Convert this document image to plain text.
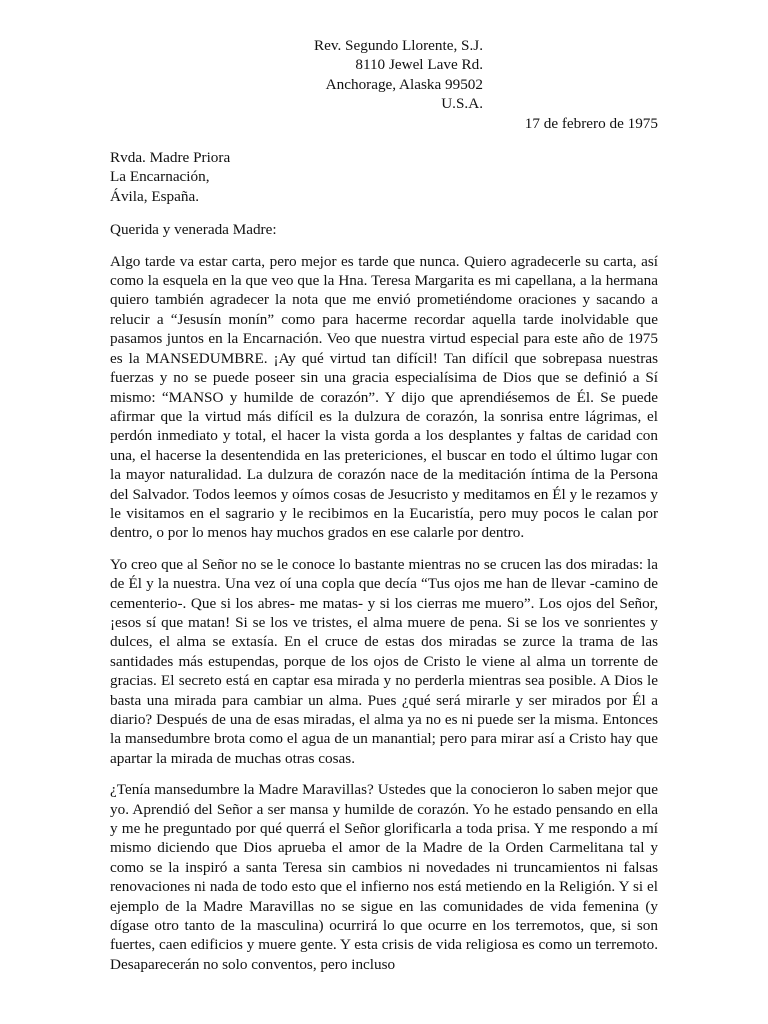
Rev. Segundo Llorente, S.J.
8110 Jewel Lave Rd.
Anchorage, Alaska 99502
U.S.A.
17 de febrero de 1975
Rvda. Madre Priora
La Encarnación,
Ávila, España.
Querida y venerada Madre:
Algo tarde va estar carta, pero mejor es tarde que nunca. Quiero agradecerle su carta, así como la esquela en la que veo que la Hna. Teresa Margarita es mi capellana, a la hermana quiero también agradecer la nota que me envió prometiéndome oraciones y sacando a relucir a “Jesusín monín” como para hacerme recordar aquella tarde inolvidable que pasamos juntos en la Encarnación. Veo que nuestra virtud especial para este año de 1975 es la MANSEDUMBRE. ¡Ay qué virtud tan difícil! Tan difícil que sobrepasa nuestras fuerzas y no se puede poseer sin una gracia especialísima de Dios que se definió a Sí mismo: “MANSO y humilde de corazón”. Y dijo que aprendiésemos de Él. Se puede afirmar que la virtud más difícil es la dulzura de corazón, la sonrisa entre lágrimas, el perdón inmediato y total, el hacer la vista gorda a los desplantes y faltas de caridad con una, el hacerse la desentendida en las pretericiones, el buscar en todo el último lugar con la mayor naturalidad. La dulzura de corazón nace de la meditación íntima de la Persona del Salvador. Todos leemos y oímos cosas de Jesucristo y meditamos en Él y le rezamos y le visitamos en el sagrario y le recibimos en la Eucaristía, pero muy pocos le calan por dentro, o por lo menos hay muchos grados en ese calarle por dentro.
Yo creo que al Señor no se le conoce lo bastante mientras no se crucen las dos miradas: la de Él y la nuestra. Una vez oí una copla que decía “Tus ojos me han de llevar -camino de cementerio-. Que si los abres- me matas- y si los cierras me muero”. Los ojos del Señor, ¡esos sí que matan! Si se los ve tristes, el alma muere de pena. Si se los ve sonrientes y dulces, el alma se extasía. En el cruce de estas dos miradas se zurce la trama de las santidades más estupendas, porque de los ojos de Cristo le viene al alma un torrente de gracias. El secreto está en captar esa mirada y no perderla mientras sea posible. A Dios le basta una mirada para cambiar un alma. Pues ¿qué será mirarle y ser mirados por Él a diario? Después de una de esas miradas, el alma ya no es ni puede ser la misma. Entonces la mansedumbre brota como el agua de un manantial; pero para mirar así a Cristo hay que apartar la mirada de muchas otras cosas.
¿Tenía mansedumbre la Madre Maravillas? Ustedes que la conocieron lo saben mejor que yo. Aprendió del Señor a ser mansa y humilde de corazón. Yo he estado pensando en ella y me he preguntado por qué querrá el Señor glorificarla a toda prisa. Y me respondo a mí mismo diciendo que Dios aprueba el amor de la Madre de la Orden Carmelitana tal y como se la inspiró a santa Teresa sin cambios ni novedades ni truncamientos ni falsas renovaciones ni nada de todo esto que el infierno nos está metiendo en la Religión. Y si el ejemplo de la Madre Maravillas no se sigue en las comunidades de vida femenina (y dígase otro tanto de la masculina) ocurrirá lo que ocurre en los terremotos, que, si son fuertes, caen edificios y muere gente. Y esta crisis de vida religiosa es como un terremoto. Desaparecerán no solo conventos, pero incluso
